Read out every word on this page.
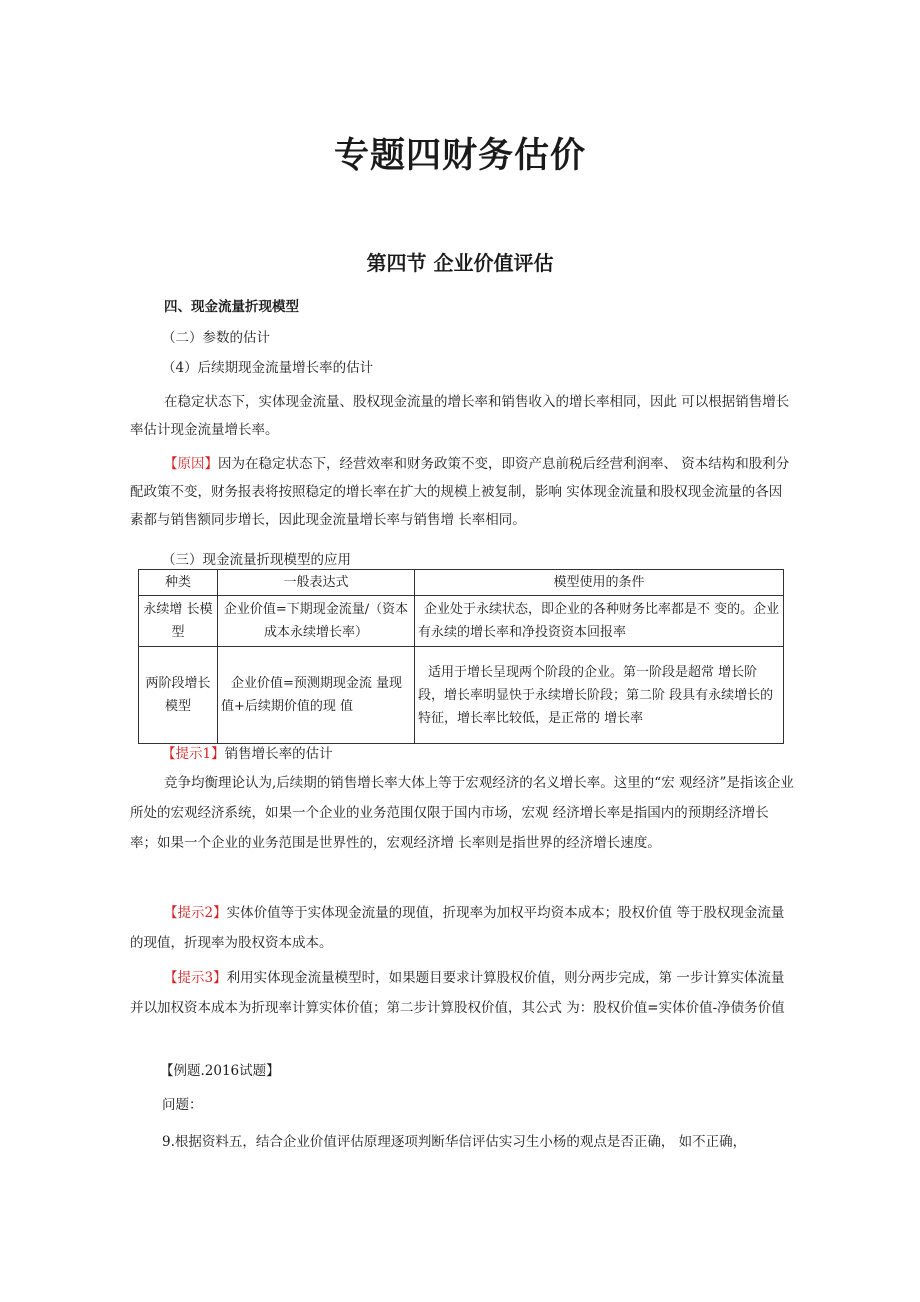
专题四财务估价
第四节 企业价值评估
四、现金流量折现模型
（二）参数的估计
（4）后续期现金流量增长率的估计
在稳定状态下，实体现金流量、股权现金流量的增长率和销售收入的增长率相同，因此 可以根据销售增长率估计现金流量增长率。
【原因】因为在稳定状态下，经营效率和财务政策不变，即资产息前税后经营利润率、 资本结构和股利分配政策不变，财务报表将按照稳定的增长率在扩大的规模上被复制，影响 实体现金流量和股权现金流量的各因素都与销售额同步增长，因此现金流量增长率与销售增 长率相同。
（三）现金流量折现模型的应用
种类	一般表达式	模型使用的条件
永续增 长模型	企业价值=下期现金流量/（资本成本永续增长率）	企业处于永续状态，即企业的各种财务比率都是不 变的。企业有永续的增长率和净投资资本回报率
两阶段增长模型	企业价值=预测期现金流 量现值+后续期价值的现 值	适用于增长呈现两个阶段的企业。第一阶段是超常 增长阶段，增长率明显快于永续增长阶段；第二阶 段具有永续增长的特征，增长率比较低，是正常的 增长率
【提示1】销售增长率的估计
竞争均衡理论认为,后续期的销售增长率大体上等于宏观经济的名义增长率。这里的“宏 观经济”是指该企业所处的宏观经济系统，如果一个企业的业务范围仅限于国内市场，宏观 经济增长率是指国内的预期经济增长率；如果一个企业的业务范围是世界性的，宏观经济增 长率则是指世界的经济增长速度。
【提示2】实体价值等于实体现金流量的现值，折现率为加权平均资本成本；股权价值 等于股权现金流量的现值，折现率为股权资本成本。
【提示3】利用实体现金流量模型时，如果题目要求计算股权价值，则分两步完成，第 一步计算实体流量并以加权资本成本为折现率计算实体价值；第二步计算股权价值，其公式 为：股权价值=实体价值-净债务价值
【例题.2016试题】
问题：
9.根据资料五，结合企业价值评估原理逐项判断华信评估实习生小杨的观点是否正确， 如不正确，
